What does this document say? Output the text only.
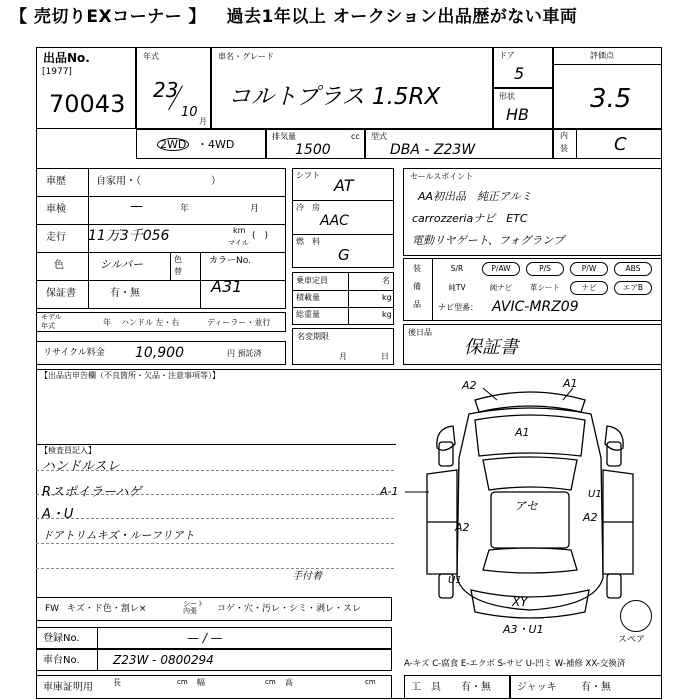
【 売切りEXコーナー 】 過去1年以上 オークション出品歴がない車両
出品No.
[1977]
70043
年式
23
10
月
車名・グレード
コルトプラス 1.5RX
ドア
5
形状
HB
評価点
3.5
2WD ・4WD
排気量	cc
1500
型式
DBA - Z23W
内
装	C
車歴	自家用・（　　　　　　　）
車検	—	年	月
走行 11万3千056	km
マイル
(　)
色	シルバー	色
替
保証書	有・無
カラーNo.
A31
モデル
年式	年 ハンドル 左・右	ディーラー・並行
リサイクル料金 10,900	円 預託済
シフト
AT
冷 房
AAC
燃 料
G
乗車定員	名
積載量	kg
総重量	kg
名変期限
月	日
セールスポイント
AA初出品　純正アルミ
carrozzeriaナビ　ETC
電動リヤゲート、フォグランプ
装
備
品
S/R	P/AW	P/S	P/W	ABS
純TV	純ナビ	革シート	ナビ	エアB
ナビ型番： AVIC-MRZ09
後日品
保証書
【出品店申告欄（不良箇所・欠品・注意事項等）】
【検査員記入】
ハンドルスレ
Rスポイラーハゲ
A・U
ドアトリムキズ・ルーフリアト
A2	A1
A1
A-1
アセ
A2
A2
U1
U1
XY
A3・U1
スペア
FW キズ・ド色・割レ×	シート 内張	コゲ・穴・汚レ・シミ・剥レ・スレ
手付着
登録No.	— / —
車台No.	Z23W - 0800294	A-キズ C-腐食 E-エクボ S-サビ U-凹ミ W-補修 XX-交換済
車庫証明用	長	cm 幅	cm 高	cm	工　具 有・無	ジャッキ 有・無
